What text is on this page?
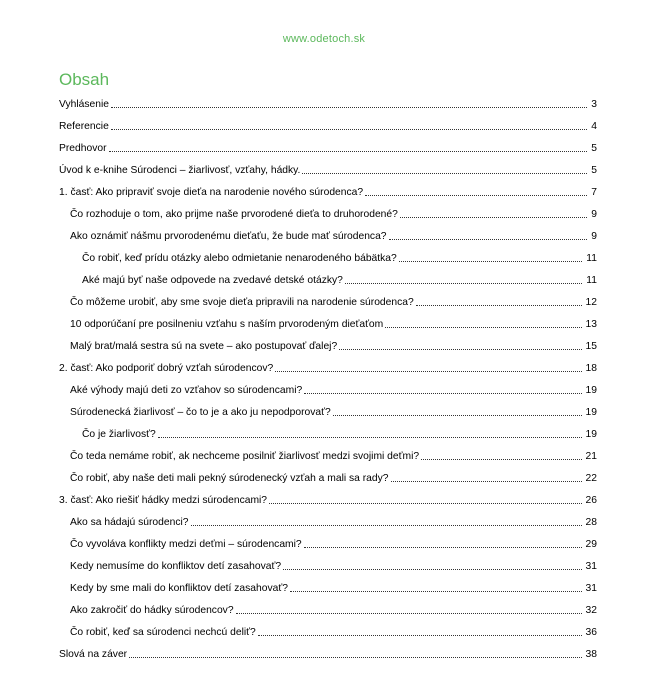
www.odetoch.sk
Obsah
Vyhlásenie	3
Referencie	4
Predhovor	5
Úvod k e-knihe Súrodenci – žiarlivosť, vzťahy, hádky.	5
1. časť: Ako pripraviť svoje dieťa na narodenie nového súrodenca?	7
Čo rozhoduje o tom, ako prijme naše prvorodené dieťa to druhorodené?	9
Ako oznámiť nášmu prvorodenému dieťaťu, že bude mať súrodenca?	9
Čo robiť, keď prídu otázky alebo odmietanie nenarodeného bábätka?	11
Aké majú byť naše odpovede na zvedavé detské otázky?	11
Čo môžeme urobiť, aby sme svoje dieťa pripravili na narodenie súrodenca?	12
10 odporúčaní pre posilneniu vzťahu s naším prvorodeným dieťaťom	13
Malý brat/malá sestra sú na svete – ako postupovať ďalej?	15
2. časť: Ako podporiť dobrý vzťah súrodencov?	18
Aké výhody majú deti zo vzťahov so súrodencami?	19
Súrodenecká žiarlivosť – čo to je a ako ju nepodporovať?	19
Čo je žiarlivosť?	19
Čo teda nemáme robiť, ak nechceme posilniť žiarlivosť medzi svojimi deťmi?	21
Čo robiť, aby naše deti mali pekný súrodenecký vzťah a mali sa rady?	22
3. časť: Ako riešiť hádky medzi súrodencami?	26
Ako sa hádajú súrodenci?	28
Čo vyvoláva konflikty medzi deťmi – súrodencami?	29
Kedy nemusíme do konfliktov detí zasahovať?	31
Kedy by sme mali do konfliktov detí zasahovať?	31
Ako zakročiť do hádky súrodencov?	32
Čo robiť, keď sa súrodenci nechcú deliť?	36
Slová na záver	38
